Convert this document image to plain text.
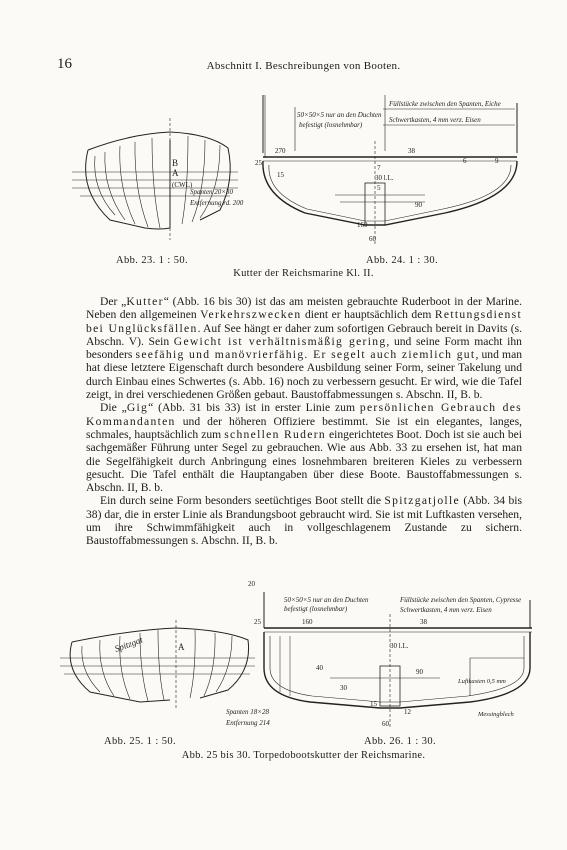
16	Abschnitt I. Beschreibungen von Booten.
B
A
(CWL)
50×50×5 nur an den Duchten
befestigt (losnehmbar)
Füllstücke zwischen den Spanten, Eiche
Schwertkasten, 4 mm verz. Eisen
30 l.L.
270	38
25
15
6	9
7
5
90
160
60
Spanten 20×30
Entfernung rd. 200
Abb. 23. 1 : 50.	Abb. 24. 1 : 30.
Kutter der Reichsmarine Kl. II.

Der „Kutter“ (Abb. 16 bis 30) ist das am meisten gebrauchte Ruderboot in der Marine. Neben den allgemeinen Verkehrszwecken dient er hauptsächlich dem Rettungsdienst bei Unglücksfällen. Auf See hängt er daher zum sofortigen Gebrauch bereit in Davits (s. Abschn. V). Sein Gewicht ist verhältnismäßig gering, und seine Form macht ihn besonders seefähig und manövrierfähig. Er segelt auch ziemlich gut, und man hat diese letztere Eigenschaft durch besondere Ausbildung seiner Form, seiner Takelung und durch Einbau eines Schwertes (s. Abb. 16) noch zu verbessern gesucht. Er wird, wie die Tafel zeigt, in drei verschiedenen Größen gebaut. Baustoffabmessungen s. Abschn. II, B. b.

Die „Gig“ (Abb. 31 bis 33) ist in erster Linie zum persönlichen Gebrauch des Kommandanten und der höheren Offiziere bestimmt. Sie ist ein elegantes, langes, schmales, hauptsächlich zum schnellen Rudern eingerichtetes Boot. Doch ist sie auch bei sachgemäßer Führung unter Segel zu gebrauchen. Wie aus Abb. 33 zu ersehen ist, hat man die Segelfähigkeit durch Anbringung eines losnehmbaren breiteren Kieles zu verbessern gesucht. Die Tafel enthält die Hauptangaben über diese Boote. Baustoffabmessungen s. Abschn. II, B. b.

Ein durch seine Form besonders seetüchtiges Boot stellt die Spitzgatjolle (Abb. 34 bis 38) dar, die in erster Linie als Brandungsboot gebraucht wird. Sie ist mit Luftkasten versehen, um ihre Schwimmfähigkeit auch in vollgeschlagenem Zustande zu sichern. Baustoffabmessungen s. Abschn. II, B. b.

Spitzgat	A
50×50×5 nur an den Duchten
befestigt (losnehmbar)
Füllstücke zwischen den Spanten, Cypresse
Schwertkasten, 4 mm verz. Eisen
30 l.L.
Luftkasten 0,5 mm
Messingblech
20
25	160	38
40	90
30
15
12
60
Spanten 18×28
Entfernung 214
Abb. 25. 1 : 50.	Abb. 26. 1 : 30.
Abb. 25 bis 30. Torpedobootskutter der Reichsmarine.
